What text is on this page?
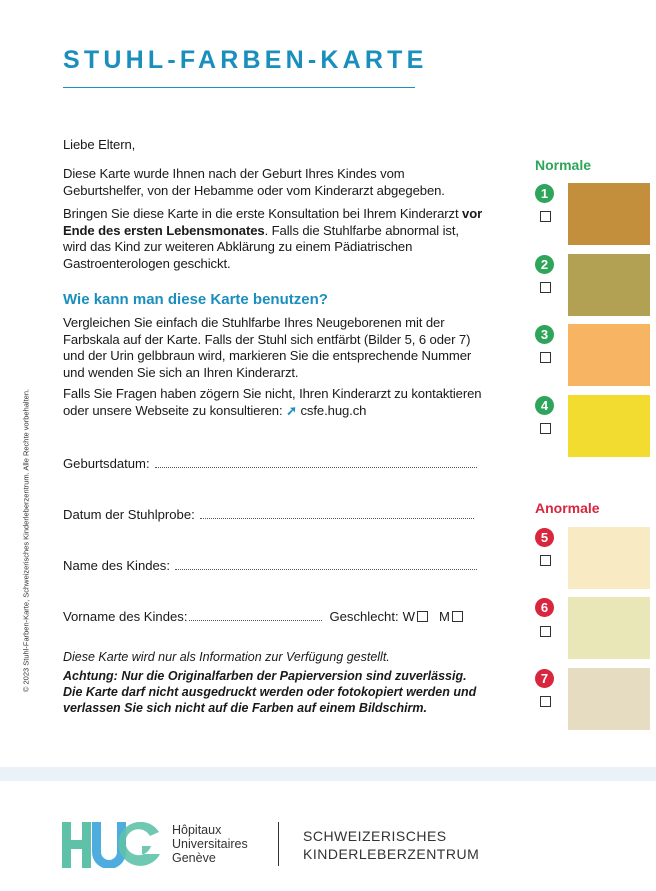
STUHL-FARBEN-KARTE
© 2023 Stuhl-Farben-Karte, Schweizerisches Kinderleberzentrum. Alle Rechte vorbehalten.
Liebe Eltern,
Diese Karte wurde Ihnen nach der Geburt Ihres Kindes vom Geburtshelfer, von der Hebamme oder vom Kinderarzt abgegeben.
Bringen Sie diese Karte in die erste Konsultation bei Ihrem Kinderarzt vor Ende des ersten Lebensmonates. Falls die Stuhlfarbe abnormal ist, wird das Kind zur weiteren Abklärung zu einem Pädiatrischen Gastroenterologen geschickt.
Wie kann man diese Karte benutzen?
Vergleichen Sie einfach die Stuhlfarbe Ihres Neugeborenen mit der Farbskala auf der Karte. Falls der Stuhl sich entfärbt (Bilder 5, 6 oder 7) und der Urin gelbbraun wird, markieren Sie die entsprechende Nummer und wenden Sie sich an Ihren Kinderarzt.
Falls Sie Fragen haben zögern Sie nicht, Ihren Kinderarzt zu kontaktieren oder unsere Webseite zu konsultieren: ➚ csfe.hug.ch
Geburtsdatum:
Datum der Stuhlprobe:
Name des Kindes:
Vorname des Kindes:	Geschlecht: W M
Diese Karte wird nur als Information zur Verfügung gestellt.
Achtung: Nur die Originalfarben der Papierversion sind zuverlässig. Die Karte darf nicht ausgedruckt werden oder fotokopiert werden und verlassen Sie sich nicht auf die Farben auf einem Bildschirm.
Normale
1
2
3
4
Anormale
5
6
7
Hôpitaux
Universitaires
Genève
SCHWEIZERISCHES
KINDERLEBERZENTRUM
